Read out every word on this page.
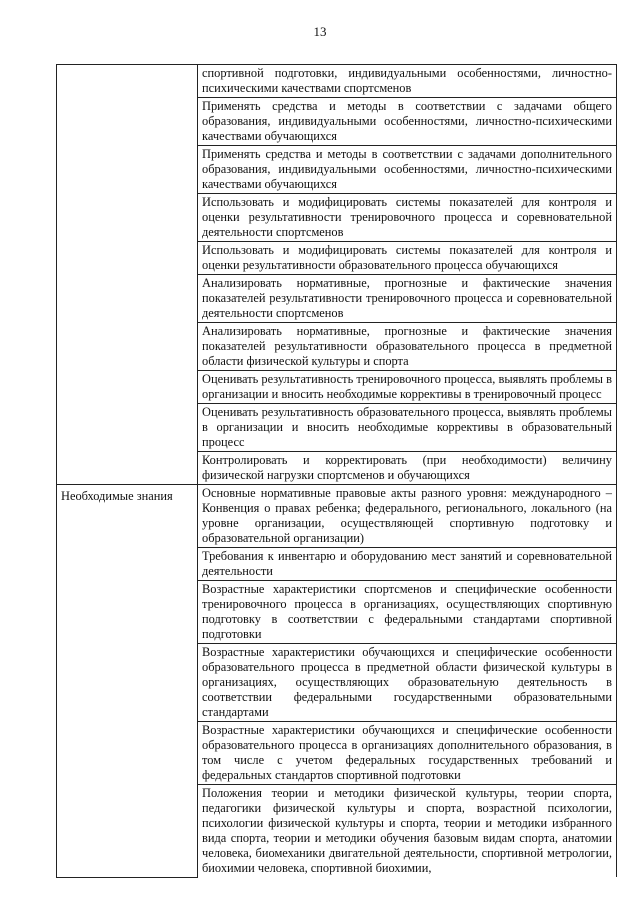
13
	спортивной подготовки, индивидуальными особенностями, личностно-психическими качествами спортсменов
	Применять средства и методы в соответствии с задачами общего образования, индивидуальными особенностями, личностно-психическими качествами обучающихся
	Применять средства и методы в соответствии с задачами дополнительного образования, индивидуальными особенностями, личностно-психическими качествами обучающихся
	Использовать и модифицировать системы показателей для контроля и оценки результативности тренировочного процесса и соревновательной деятельности спортсменов
	Использовать и модифицировать системы показателей для контроля и оценки результативности образовательного процесса обучающихся
	Анализировать нормативные, прогнозные и фактические значения показателей результативности тренировочного процесса и соревновательной деятельности спортсменов
	Анализировать нормативные, прогнозные и фактические значения показателей результативности образовательного процесса в предметной области физической культуры и спорта
	Оценивать результативность тренировочного процесса, выявлять проблемы в организации и вносить необходимые коррективы в тренировочный процесс
	Оценивать результативность образовательного процесса, выявлять проблемы в организации и вносить необходимые коррективы в образовательный процесс
	Контролировать и корректировать (при необходимости) величину физической нагрузки спортсменов и обучающихся
Необходимые знания	Основные нормативные правовые акты разного уровня: международного – Конвенция о правах ребенка; федерального, регионального, локального (на уровне организации, осуществляющей спортивную подготовку и образовательной организации)
	Требования к инвентарю и оборудованию мест занятий и соревновательной деятельности
	Возрастные характеристики спортсменов и специфические особенности тренировочного процесса в организациях, осуществляющих спортивную подготовку в соответствии с федеральными стандартами спортивной подготовки
	Возрастные характеристики обучающихся и специфические особенности образовательного процесса в предметной области физической культуры в организациях, осуществляющих образовательную деятельность в соответствии федеральными государственными образовательными стандартами
	Возрастные характеристики обучающихся и специфические особенности образовательного процесса в организациях дополнительного образования, в том числе с учетом федеральных государственных требований и федеральных стандартов спортивной подготовки
	Положения теории и методики физической культуры, теории спорта, педагогики физической культуры и спорта, возрастной психологии, психологии физической культуры и спорта, теории и методики избранного вида спорта, теории и методики обучения базовым видам спорта, анатомии человека, биомеханики двигательной деятельности, спортивной метрологии, биохимии человека, спортивной биохимии,
